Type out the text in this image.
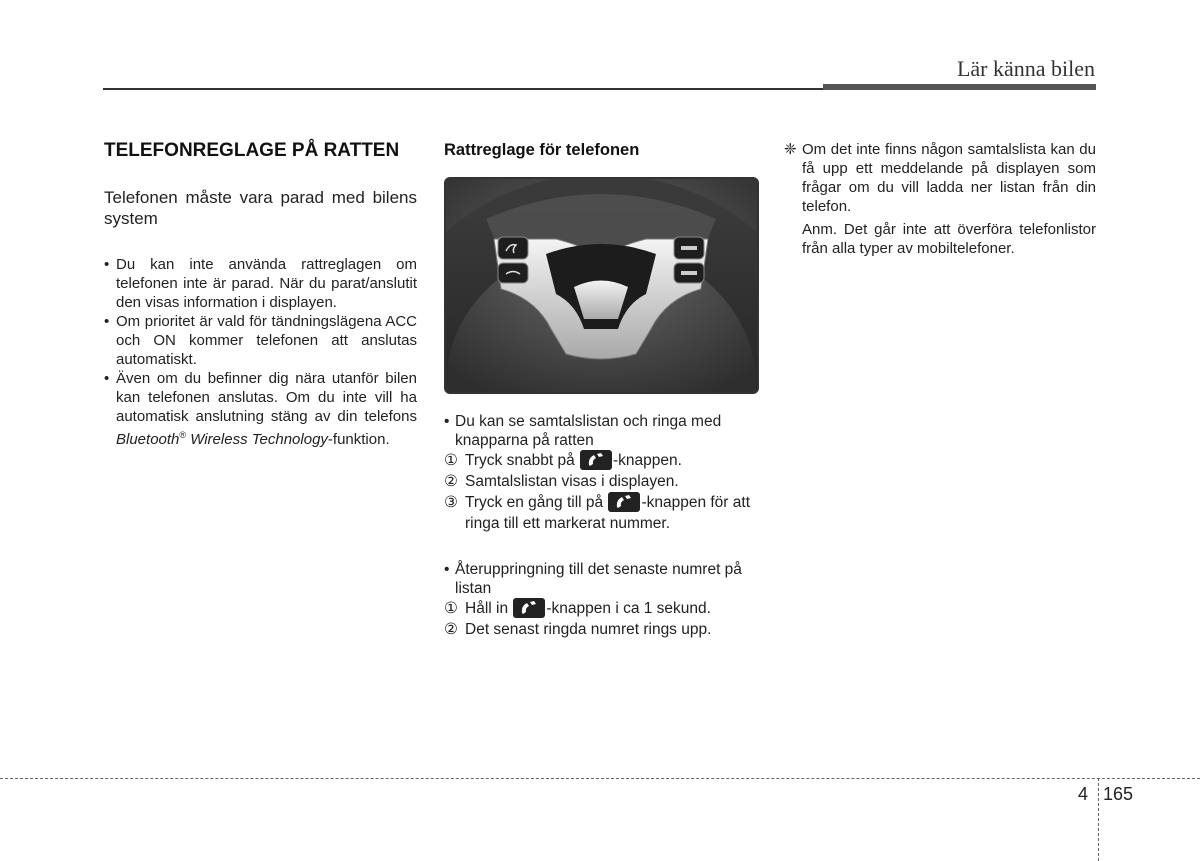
Lär känna bilen
TELEFONREGLAGE PÅ RATTEN

Telefonen måste vara parad med bilens system

• Du kan inte använda rattreglagen om telefonen inte är parad. När du parat/anslutit den visas information i displayen.
• Om prioritet är vald för tändningslägena ACC och ON kommer telefonen att anslutas automatiskt.
• Även om du befinner dig nära utanför bilen kan telefonen anslutas. Om du inte vill ha automatisk anslutning stäng av din telefons Bluetooth® Wireless Technology-funktion.
Rattreglage för telefonen
• Du kan se samtalslistan och ringa med knapparna på ratten
① Tryck snabbt på
-knappen.
② Samtalslistan visas i displayen.
③ Tryck en gång till på
-knappen för att ringa till ett markerat nummer.
• Återuppringning till det senaste numret på listan
① Håll in
-knappen i ca 1 sekund.
② Det senast ringda numret rings upp.
❈ Om det inte finns någon samtalslista kan du få upp ett meddelande på displayen som frågar om du vill ladda ner listan från din telefon.

Anm. Det går inte att överföra telefonlistor från alla typer av mobiltelefoner.

4 165
